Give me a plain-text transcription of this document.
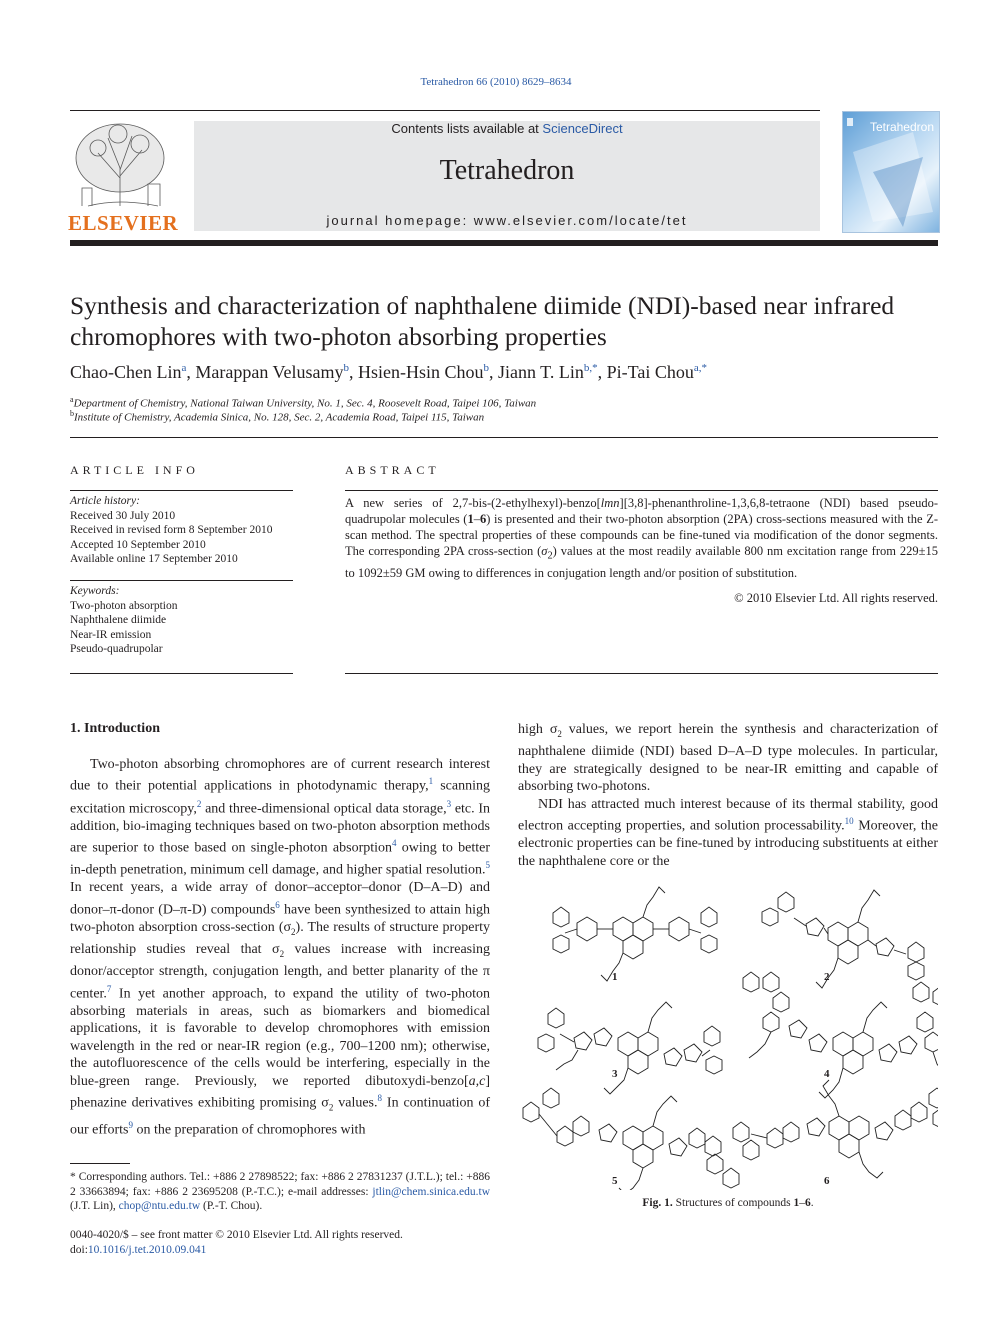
Tetrahedron 66 (2010) 8629–8634
ELSEVIER
Contents lists available at ScienceDirect
Tetrahedron
journal homepage: www.elsevier.com/locate/tet
Tetrahedron
Synthesis and characterization of naphthalene diimide (NDI)-based near infrared
chromophores with two-photon absorbing properties
Chao-Chen Lin$^a$, Marappan Velusamy$^b$, Hsien-Hsin Chou$^b$, Jiann T. Lin$^{b,*}$, Pi-Tai Chou$^{a,*}$
$^a$Department of Chemistry, National Taiwan University, No. 1, Sec. 4, Roosevelt Road, Taipei 106, Taiwan
$^b$Institute of Chemistry, Academia Sinica, No. 128, Sec. 2, Academia Road, Taipei 115, Taiwan
ARTICLE INFO
Article history:
Received 30 July 2010
Received in revised form 8 September 2010
Accepted 10 September 2010
Available online 17 September 2010
Keywords:
Two-photon absorption
Naphthalene diimide
Near-IR emission
Pseudo-quadrupolar
ABSTRACT
A new series of 2,7-bis-(2-ethylhexyl)-benzo[lmn][3,8]-phenanthroline-1,3,6,8-tetraone (NDI) based pseudo-quadrupolar molecules (1–6) is presented and their two-photon absorption (2PA) cross-sections measured with the Z-scan method. The spectral properties of these compounds can be fine-tuned via modification of the donor segments. The corresponding 2PA cross-section $(\sigma_2)$ values at the most readily available 800 nm excitation range from 229±15 to 1092±59 GM owing to differences in conjugation length and/or position of substitution.
© 2010 Elsevier Ltd. All rights reserved.
1. Introduction

Two-photon absorbing chromophores are of current research interest due to their potential applications in photodynamic therapy,$^1$ scanning excitation microscopy,$^2$ and three-dimensional optical data storage,$^3$ etc. In addition, bio-imaging techniques based on two-photon absorption methods are superior to those based on single-photon absorption$^4$ owing to better in-depth penetration, minimum cell damage, and higher spatial resolution.$^5$ In recent years, a wide array of donor–acceptor–donor (D–A–D) and donor–π-donor (D–π-D) compounds$^6$ have been synthesized to attain high two-photon absorption cross-section $(\sigma_2)$. The results of structure property relationship studies reveal that $\sigma_2$ values increase with increasing donor/acceptor strength, conjugation length, and better planarity of the π center.$^7$ In yet another approach, to expand the utility of two-photon absorbing materials in areas, such as biomarkers and biomedical applications, it is favorable to develop chromophores with emission wavelength in the red or near-IR region (e.g., 700–1200 nm); otherwise, the autofluorescence of the cells would be interfering, especially in the blue-green range. Previously, we reported dibutoxydi-benzo[a,c] phenazine derivatives exhibiting promising $\sigma_2$ values.$^8$ In continuation of our efforts$^9$ on the preparation of chromophores with

high $\sigma_2$ values, we report herein the synthesis and characterization of naphthalene diimide (NDI) based D–A–D type molecules. In particular, they are strategically designed to be near-IR emitting and capable of absorbing two-photons.

NDI has attracted much interest because of its thermal stability, good electron accepting properties, and solution processability.$^{10}$ Moreover, the electronic properties can be fine-tuned by introducing substituents at either the naphthalene core or the

1	2
3	4
5	6
Fig. 1. Structures of compounds 1–6.
* Corresponding authors. Tel.: +886 2 27898522; fax: +886 2 27831237 (J.T.L.); tel.: +886 2 33663894; fax: +886 2 23695208 (P.-T.C.); e-mail addresses: jtlin@chem.sinica.edu.tw (J.T. Lin), chop@ntu.edu.tw (P.-T. Chou).
0040-4020/$ – see front matter © 2010 Elsevier Ltd. All rights reserved.
doi:10.1016/j.tet.2010.09.041
